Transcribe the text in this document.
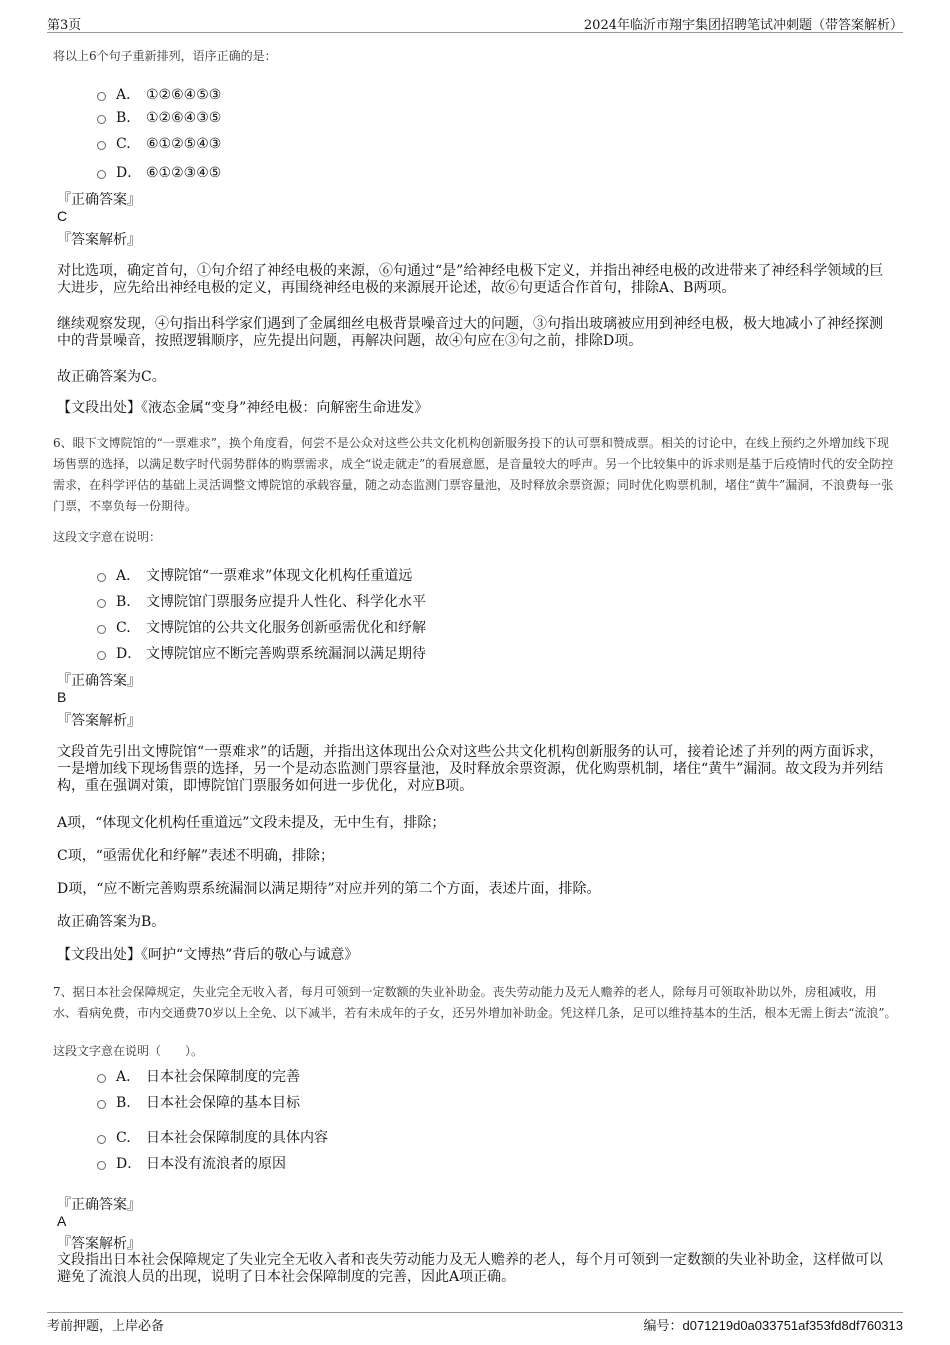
第3页	2024年临沂市翔宇集团招聘笔试冲刺题（带答案解析）
将以上6个句子重新排列，语序正确的是：
A． ①②⑥④⑤③
B. ①②⑥④③⑤
C. ⑥①②⑤④③
D． ⑥①②③④⑤
『正确答案』
C
『答案解析』
对比选项，确定首句，①句介绍了神经电极的来源，⑥句通过“是”给神经电极下定义，并指出神经电极的改进带来了神经科学领域的巨大进步，应先给出神经电极的定义，再围绕神经电极的来源展开论述，故⑥句更适合作首句，排除A、B两项。
继续观察发现，④句指出科学家们遇到了金属细丝电极背景噪音过大的问题，③句指出玻璃被应用到神经电极，极大地减小了神经探测中的背景噪音，按照逻辑顺序，应先提出问题，再解决问题，故④句应在③句之前，排除D项。
故正确答案为C。
【文段出处】《液态金属“变身”神经电极：向解密生命进发》
6、眼下文博院馆的“一票难求”，换个角度看，何尝不是公众对这些公共文化机构创新服务投下的认可票和赞成票。相关的讨论中，在线上预约之外增加线下现场售票的选择，以满足数字时代弱势群体的购票需求，成全“说走就走”的看展意愿，是音量较大的呼声。另一个比较集中的诉求则是基于后疫情时代的安全防控需求，在科学评估的基础上灵活调整文博院馆的承载容量，随之动态监测门票容量池，及时释放余票资源；同时优化购票机制，堵住“黄牛”漏洞，不浪费每一张门票，不辜负每一份期待。
这段文字意在说明：
A． 文博院馆“一票难求”体现文化机构任重道远
B. 文博院馆门票服务应提升人性化、科学化水平
C. 文博院馆的公共文化服务创新亟需优化和纾解
D． 文博院馆应不断完善购票系统漏洞以满足期待
『正确答案』
B
『答案解析』
文段首先引出文博院馆“一票难求”的话题，并指出这体现出公众对这些公共文化机构创新服务的认可，接着论述了并列的两方面诉求，一是增加线下现场售票的选择，另一个是动态监测门票容量池，及时释放余票资源，优化购票机制，堵住“黄牛”漏洞。故文段为并列结构，重在强调对策，即博院馆门票服务如何进一步优化，对应B项。
A项，“体现文化机构任重道远”文段未提及，无中生有，排除；
C项，“亟需优化和纾解”表述不明确，排除；
D项，“应不断完善购票系统漏洞以满足期待”对应并列的第二个方面，表述片面，排除。
故正确答案为B。
【文段出处】《呵护“文博热”背后的敬心与诚意》
7、据日本社会保障规定，失业完全无收入者，每月可领到一定数额的失业补助金。丧失劳动能力及无人赡养的老人，除每月可领取补助以外，房租减收，用水、看病免费，市内交通费70岁以上全免、以下减半，若有未成年的子女，还另外增加补助金。凭这样几条，足可以维持基本的生活，根本无需上街去“流浪”。
这段文字意在说明（　　）。
A． 日本社会保障制度的完善
B. 日本社会保障的基本目标
C. 日本社会保障制度的具体内容
D． 日本没有流浪者的原因
『正确答案』
A
『答案解析』
文段指出日本社会保障规定了失业完全无收入者和丧失劳动能力及无人赡养的老人，每个月可领到一定数额的失业补助金，这样做可以避免了流浪人员的出现，说明了日本社会保障制度的完善，因此A项正确。
考前押题，上岸必备	编号：d071219d0a033751af353fd8df760313
